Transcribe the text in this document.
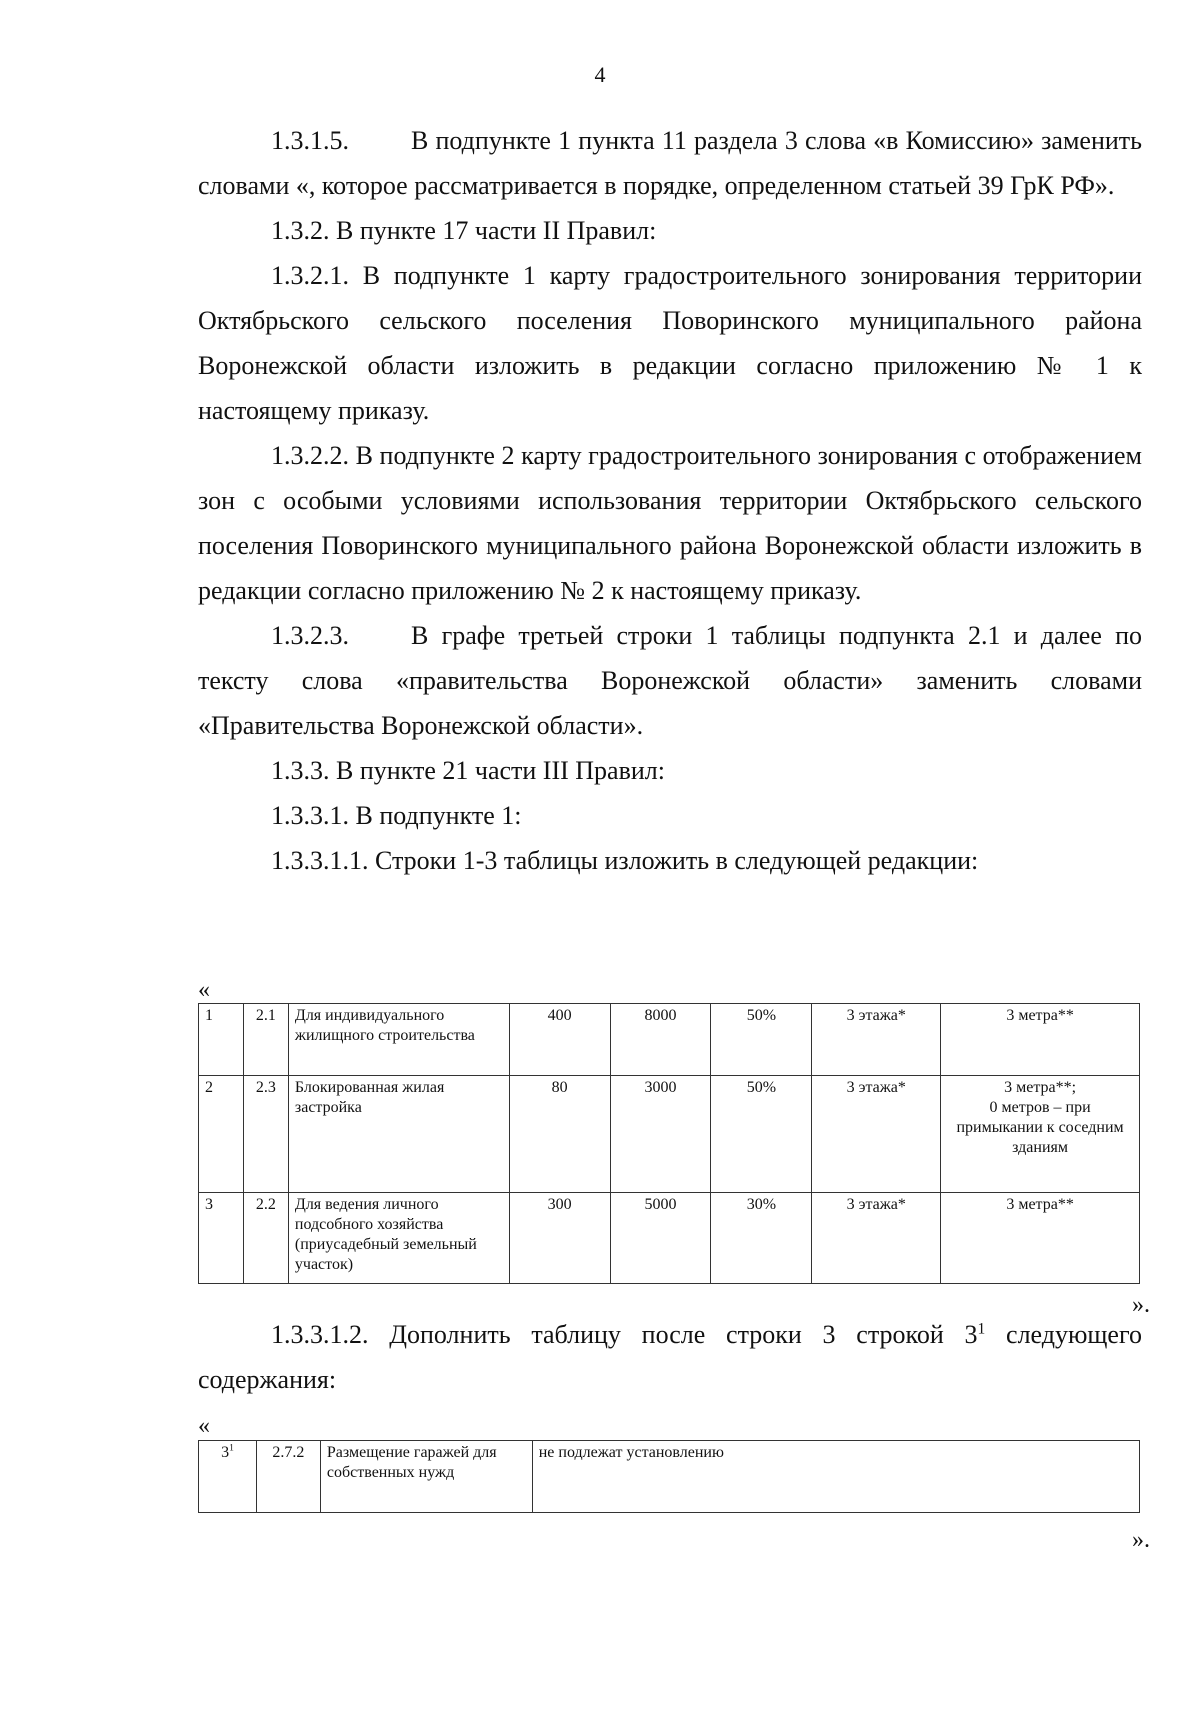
4

1.3.1.5. В подпункте 1 пункта 11 раздела 3 слова «в Комиссию» заменить словами «, которое рассматривается в порядке, определенном статьей 39 ГрК РФ».

1.3.2. В пункте 17 части II Правил:

1.3.2.1. В подпункте 1 карту градостроительного зонирования территории Октябрьского сельского поселения Поворинского муниципального района Воронежской области изложить в редакции согласно приложению № 1 к настоящему приказу.

1.3.2.2. В подпункте 2 карту градостроительного зонирования с отображением зон с особыми условиями использования территории Октябрьского сельского поселения Поворинского муниципального района Воронежской области изложить в редакции согласно приложению № 2 к настоящему приказу.

1.3.2.3. В графе третьей строки 1 таблицы подпункта 2.1 и далее по тексту слова «правительства Воронежской области» заменить словами «Правительства Воронежской области».

1.3.3. В пункте 21 части III Правил:

1.3.3.1. В подпункте 1:

1.3.3.1.1. Строки 1-3 таблицы изложить в следующей редакции:

«
1	2.1	Для индивидуального жилищного строительства	400	8000	50%	3 этажа*	3 метра**
2	2.3	Блокированная жилая застройка	80	3000	50%	3 этажа*	3 метра**;
0 метров – при примыкании к соседним зданиям
3	2.2	Для ведения личного подсобного хозяйства (приусадебный земельный участок)	300	5000	30%	3 этажа*	3 метра**
».

1.3.3.1.2. Дополнить таблицу после строки 3 строкой $3^1$ следующего содержания:

«
$3^1$	2.7.2	Размещение гаражей для собственных нужд	не подлежат установлению
».
